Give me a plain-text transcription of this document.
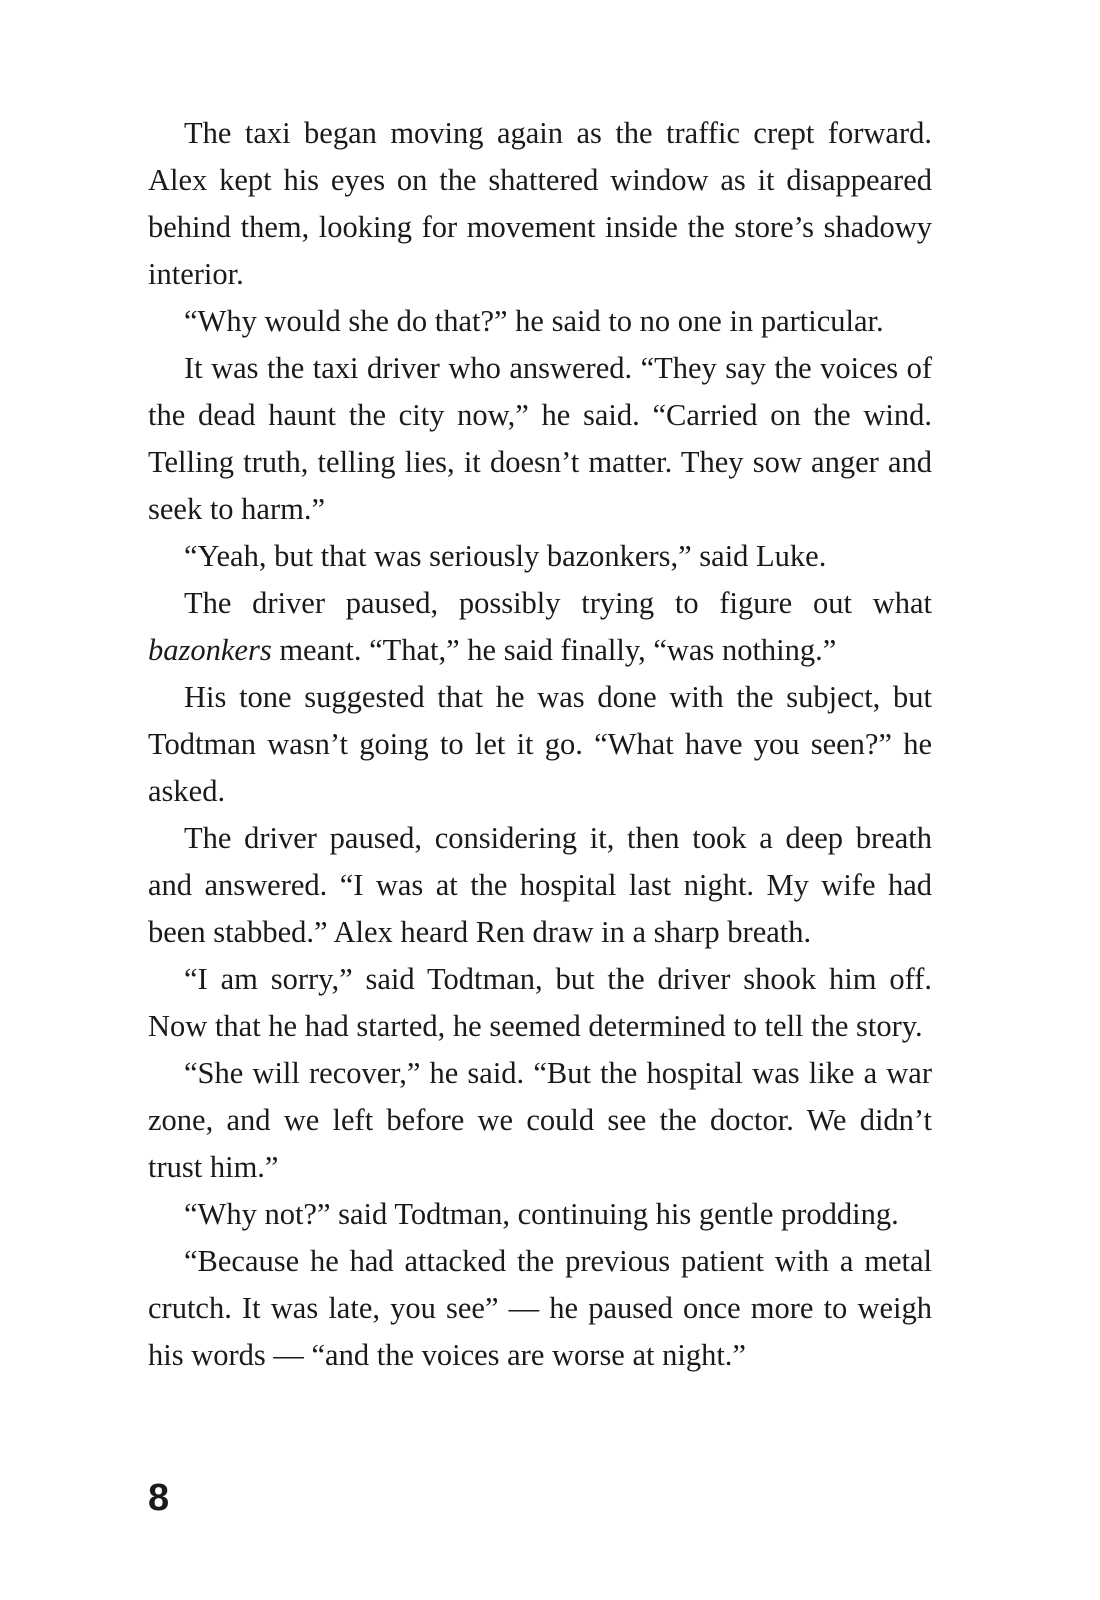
The taxi began moving again as the traffic crept forward. Alex kept his eyes on the shattered window as it disappeared behind them, looking for movement inside the store’s shadowy interior.

“Why would she do that?” he said to no one in particular.

It was the taxi driver who answered. “They say the voices of the dead haunt the city now,” he said. “Carried on the wind. Telling truth, telling lies, it doesn’t matter. They sow anger and seek to harm.”

“Yeah, but that was seriously bazonkers,” said Luke.

The driver paused, possibly trying to figure out what bazonkers meant. “That,” he said finally, “was nothing.”

His tone suggested that he was done with the subject, but Todtman wasn’t going to let it go. “What have you seen?” he asked.

The driver paused, considering it, then took a deep breath and answered. “I was at the hospital last night. My wife had been stabbed.” Alex heard Ren draw in a sharp breath.

“I am sorry,” said Todtman, but the driver shook him off. Now that he had started, he seemed determined to tell the story.

“She will recover,” he said. “But the hospital was like a war zone, and we left before we could see the doctor. We didn’t trust him.”

“Why not?” said Todtman, continuing his gentle prodding.

“Because he had attacked the previous patient with a metal crutch. It was late, you see” — he paused once more to weigh his words — “and the voices are worse at night.”

8
